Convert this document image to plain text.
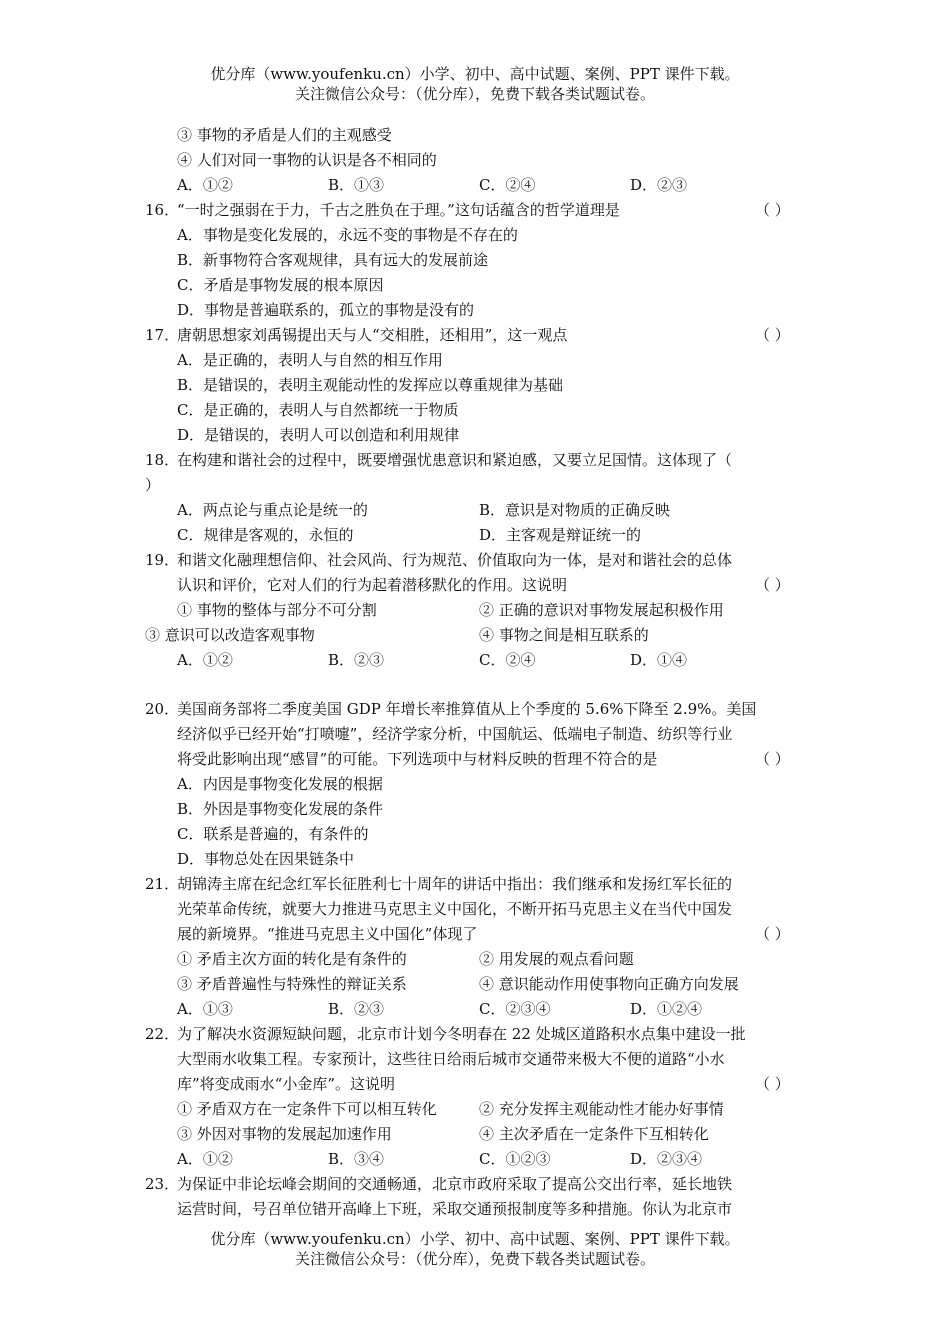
优分库（www.youfenku.cn）小学、初中、高中试题、案例、PPT 课件下载。
关注微信公众号：（优分库），免费下载各类试题试卷。
③ 事物的矛盾是人们的主观感受
④ 人们对同一事物的认识是各不相同的
A．①②	B．①③	C．②④	D．②③
16．“一时之强弱在于力，千古之胜负在于理。”这句话蕴含的哲学道理是	（ ）
A．事物是变化发展的，永远不变的事物是不存在的
B．新事物符合客观规律，具有远大的发展前途
C．矛盾是事物发展的根本原因
D．事物是普遍联系的，孤立的事物是没有的
17．唐朝思想家刘禹锡提出天与人“交相胜，还相用”，这一观点	（ ）
A．是正确的，表明人与自然的相互作用
B．是错误的，表明主观能动性的发挥应以尊重规律为基础
C．是正确的，表明人与自然都统一于物质
D．是错误的，表明人可以创造和利用规律
18．在构建和谐社会的过程中，既要增强忧患意识和紧迫感，又要立足国情。这体现了（
）
A．两点论与重点论是统一的	B．意识是对物质的正确反映
C．规律是客观的，永恒的	D．主客观是辩证统一的
19．和谐文化融理想信仰、社会风尚、行为规范、价值取向为一体，是对和谐社会的总体
认识和评价，它对人们的行为起着潜移默化的作用。这说明	（ ）
① 事物的整体与部分不可分割	② 正确的意识对事物发展起积极作用
③ 意识可以改造客观事物	④ 事物之间是相互联系的
A．①②	B．②③	C．②④	D．①④
20．美国商务部将二季度美国 GDP 年增长率推算值从上个季度的 5.6%下降至 2.9%。美国
经济似乎已经开始“打喷嚏”，经济学家分析，中国航运、低端电子制造、纺织等行业
将受此影响出现“感冒”的可能。下列选项中与材料反映的哲理不符合的是	（ ）
A．内因是事物变化发展的根据
B．外因是事物变化发展的条件
C．联系是普遍的，有条件的
D．事物总处在因果链条中
21．胡锦涛主席在纪念红军长征胜利七十周年的讲话中指出：我们继承和发扬红军长征的
光荣革命传统，就要大力推进马克思主义中国化，不断开拓马克思主义在当代中国发
展的新境界。“推进马克思主义中国化”体现了	（ ）
① 矛盾主次方面的转化是有条件的	② 用发展的观点看问题
③ 矛盾普遍性与特殊性的辩证关系	④ 意识能动作用使事物向正确方向发展
A．①③	B．②③	C．②③④	D．①②④
22．为了解决水资源短缺问题，北京市计划今冬明春在 22 处城区道路积水点集中建设一批
大型雨水收集工程。专家预计，这些往日给雨后城市交通带来极大不便的道路“小水
库”将变成雨水“小金库”。这说明	（ ）
① 矛盾双方在一定条件下可以相互转化	② 充分发挥主观能动性才能办好事情
③ 外因对事物的发展起加速作用	④ 主次矛盾在一定条件下互相转化
A．①②	B．③④	C．①②③	D．②③④
23．为保证中非论坛峰会期间的交通畅通，北京市政府采取了提高公交出行率，延长地铁
运营时间，号召单位错开高峰上下班，采取交通预报制度等多种措施。你认为北京市
优分库（www.youfenku.cn）小学、初中、高中试题、案例、PPT 课件下载。
关注微信公众号：（优分库），免费下载各类试题试卷。
